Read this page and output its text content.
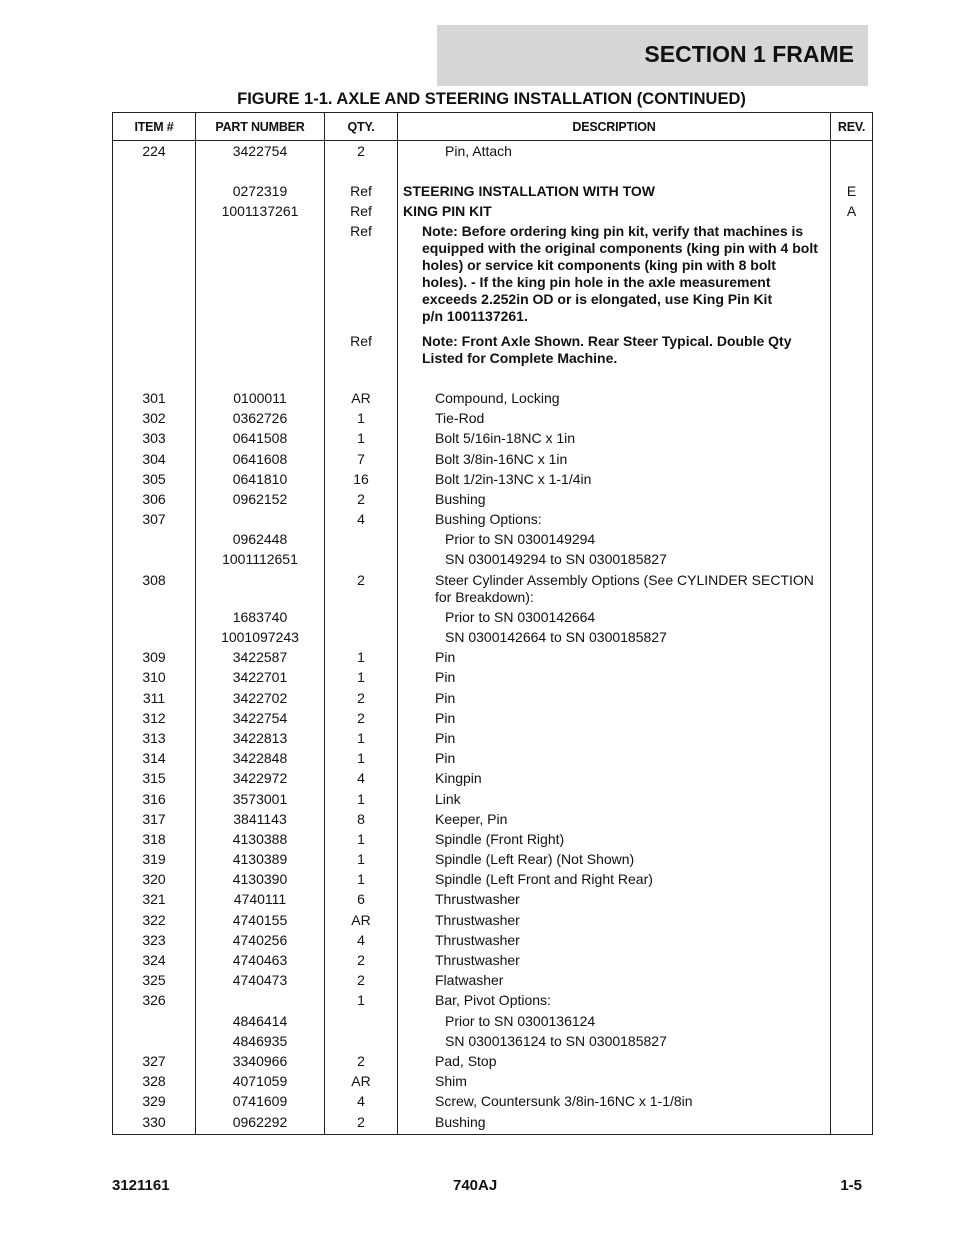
SECTION 1 FRAME
FIGURE 1-1. AXLE AND STEERING INSTALLATION (CONTINUED)
ITEM #	PART NUMBER	QTY.	DESCRIPTION	REV.
224	3422754	2	Pin, Attach	

	0272319	Ref	STEERING INSTALLATION WITH TOW	E
	1001137261	Ref	KING PIN KIT	A
		Ref	Note: Before ordering king pin kit, verify that machines is equipped with the original components (king pin with 4 bolt holes) or service kit components (king pin with 8 bolt holes). - If the king pin hole in the axle measurement exceeds 2.252in OD or is elongated, use King Pin Kit
p/n 1001137261.	

		Ref	Note: Front Axle Shown. Rear Steer Typical. Double Qty Listed for Complete Machine.	

301	0100011	AR	Compound, Locking	

302	0362726	1	Tie-Rod	

303	0641508	1	Bolt 5/16in-18NC x 1in	

304	0641608	7	Bolt 3/8in-16NC x 1in	

305	0641810	16	Bolt 1/2in-13NC x 1-1/4in	

306	0962152	2	Bushing	

307		4	Bushing Options:	

	0962448		Prior to SN 0300149294	

	1001112651		SN 0300149294 to SN 0300185827	

308		2	Steer Cylinder Assembly Options (See CYLINDER SECTION for Breakdown):	

	1683740		Prior to SN 0300142664	

	1001097243		SN 0300142664 to SN 0300185827	

309	3422587	1	Pin	

310	3422701	1	Pin	

311	3422702	2	Pin	

312	3422754	2	Pin	

313	3422813	1	Pin	

314	3422848	1	Pin	

315	3422972	4	Kingpin	

316	3573001	1	Link	

317	3841143	8	Keeper, Pin	

318	4130388	1	Spindle (Front Right)	

319	4130389	1	Spindle (Left Rear) (Not Shown)	

320	4130390	1	Spindle (Left Front and Right Rear)	

321	4740111	6	Thrustwasher	

322	4740155	AR	Thrustwasher	

323	4740256	4	Thrustwasher	

324	4740463	2	Thrustwasher	

325	4740473	2	Flatwasher	

326		1	Bar, Pivot Options:	

	4846414		Prior to SN 0300136124	

	4846935		SN 0300136124 to SN 0300185827	

327	3340966	2	Pad, Stop	

328	4071059	AR	Shim	

329	0741609	4	Screw, Countersunk 3/8in-16NC x 1-1/8in	

330	0962292	2	Bushing	

3121161	740AJ	1-5
